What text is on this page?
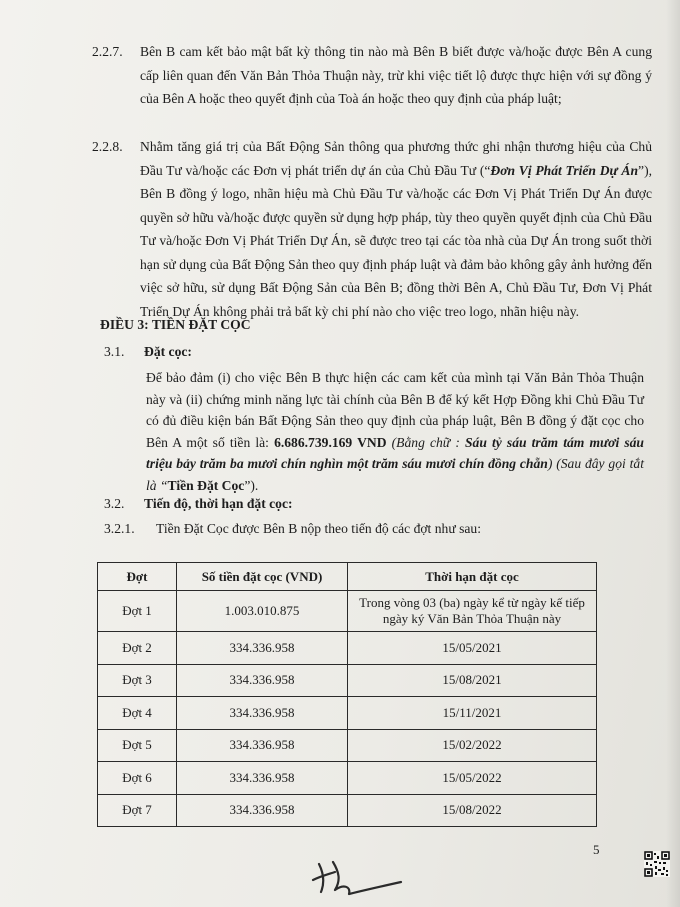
2.2.7. Bên B cam kết bảo mật bất kỳ thông tin nào mà Bên B biết được và/hoặc được Bên A cung cấp liên quan đến Văn Bản Thỏa Thuận này, trừ khi việc tiết lộ được thực hiện với sự đồng ý của Bên A hoặc theo quyết định của Toà án hoặc theo quy định của pháp luật;
2.2.8. Nhằm tăng giá trị của Bất Động Sản thông qua phương thức ghi nhận thương hiệu của Chủ Đầu Tư và/hoặc các Đơn vị phát triển dự án của Chủ Đầu Tư (“Đơn Vị Phát Triển Dự Án”), Bên B đồng ý logo, nhãn hiệu mà Chủ Đầu Tư và/hoặc các Đơn Vị Phát Triển Dự Án được quyền sở hữu và/hoặc được quyền sử dụng hợp pháp, tùy theo quyền quyết định của Chủ Đầu Tư và/hoặc Đơn Vị Phát Triển Dự Án, sẽ được treo tại các tòa nhà của Dự Án trong suốt thời hạn sử dụng của Bất Động Sản theo quy định pháp luật và đảm bảo không gây ảnh hưởng đến việc sở hữu, sử dụng Bất Động Sản của Bên B; đồng thời Bên A, Chủ Đầu Tư, Đơn Vị Phát Triển Dự Án không phải trả bất kỳ chi phí nào cho việc treo logo, nhãn hiệu này.
ĐIỀU 3: TIỀN ĐẶT CỌC
3.1. Đặt cọc:
Để bảo đảm (i) cho việc Bên B thực hiện các cam kết của mình tại Văn Bản Thỏa Thuận này và (ii) chứng minh năng lực tài chính của Bên B để ký kết Hợp Đồng khi Chủ Đầu Tư có đủ điều kiện bán Bất Động Sản theo quy định của pháp luật, Bên B đồng ý đặt cọc cho Bên A một số tiền là: 6.686.739.169 VND (Bằng chữ : Sáu tỷ sáu trăm tám mươi sáu triệu bảy trăm ba mươi chín nghìn một trăm sáu mươi chín đồng chẵn) (Sau đây gọi tắt là “Tiền Đặt Cọc”).
3.2. Tiến độ, thời hạn đặt cọc:
3.2.1. Tiền Đặt Cọc được Bên B nộp theo tiến độ các đợt như sau:
Đợt	Số tiền đặt cọc (VND)	Thời hạn đặt cọc
Đợt 1	1.003.010.875	Trong vòng 03 (ba) ngày kể từ ngày kế tiếp ngày ký Văn Bản Thỏa Thuận này
Đợt 2	334.336.958	15/05/2021
Đợt 3	334.336.958	15/08/2021
Đợt 4	334.336.958	15/11/2021
Đợt 5	334.336.958	15/02/2022
Đợt 6	334.336.958	15/05/2022
Đợt 7	334.336.958	15/08/2022
5
